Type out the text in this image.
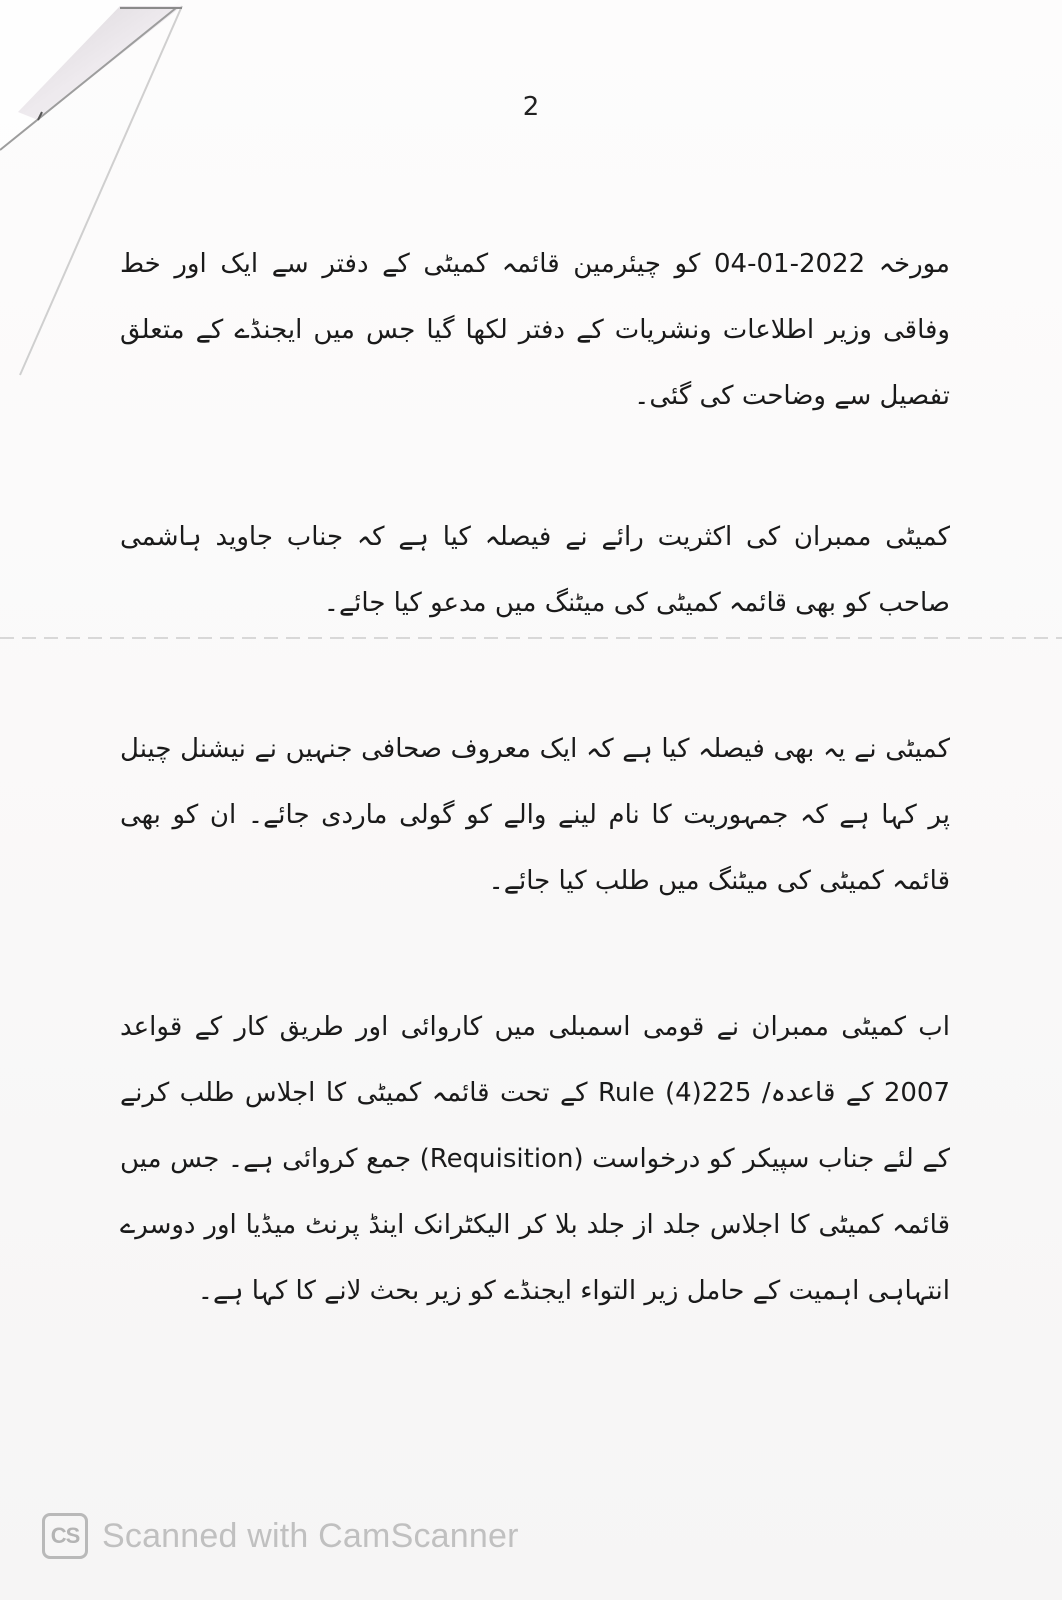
2

مورخہ 2022-01-04 کو چیئرمین قائمہ کمیٹی کے دفتر سے ایک اور خط وفاقی وزیر اطلاعات ونشریات کے دفتر لکھا گیا جس میں ایجنڈے کے متعلق تفصیل سے وضاحت کی گئی۔

کمیٹی ممبران کی اکثریت رائے نے فیصلہ کیا ہے کہ جناب جاوید ہاشمی صاحب کو بھی قائمہ کمیٹی کی میٹنگ میں مدعو کیا جائے۔

کمیٹی نے یہ بھی فیصلہ کیا ہے کہ ایک معروف صحافی جنہیں نے نیشنل چینل پر کہا ہے کہ جمہوریت کا نام لینے والے کو گولی ماردی جائے۔ ان کو بھی قائمہ کمیٹی کی میٹنگ میں طلب کیا جائے۔

اب کمیٹی ممبران نے قومی اسمبلی میں کاروائی اور طریق کار کے قواعد 2007 کے قاعدہ/ Rule (4)225 کے تحت قائمہ کمیٹی کا اجلاس طلب کرنے کے لئے جناب سپیکر کو درخواست (Requisition) جمع کروائی ہے۔ جس میں قائمہ کمیٹی کا اجلاس جلد از جلد بلا کر الیکٹرانک اینڈ پرنٹ میڈیا اور دوسرے انتہاہی اہمیت کے حامل زیر التواء ایجنڈے کو زیر بحث لانے کا کہا ہے۔

CS Scanned with CamScanner
